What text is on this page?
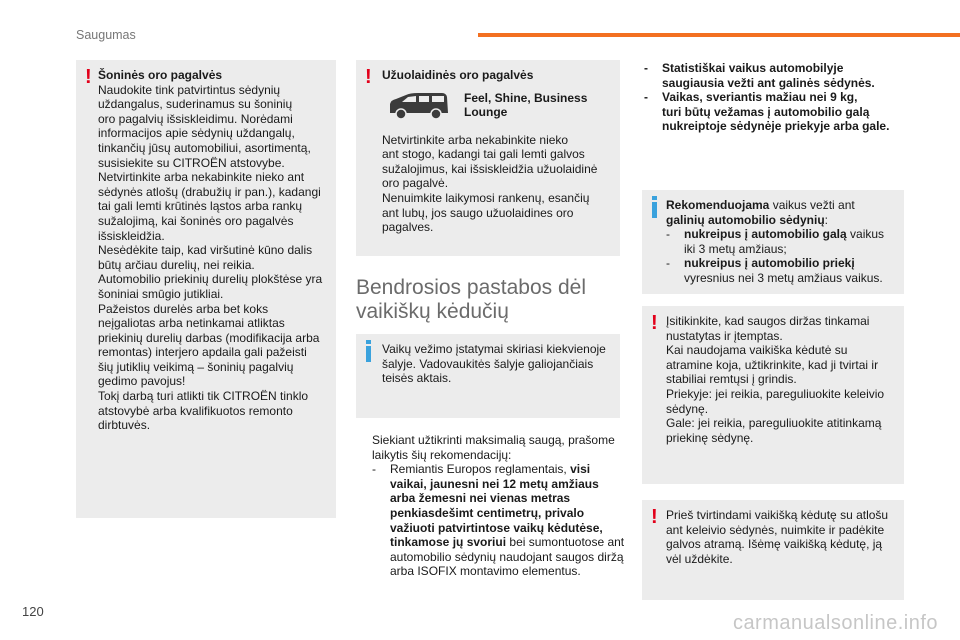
Saugumas
! Šoninės oro pagalvės

Naudokite tink patvirtintus sėdynių

uždangalus, suderinamus su šoninių

oro pagalvių išsiskleidimu. Norėdami

informacijos apie sėdynių uždangalų,

tinkančių jūsų automobiliui, asortimentą,

susisiekite su CITROËN atstovybe.

Netvirtinkite arba nekabinkite nieko ant

sėdynės atlošų (drabužių ir pan.), kadangi

tai gali lemti krūtinės ląstos arba rankų

sužalojimą, kai šoninės oro pagalvės

išsiskleidžia.

Nesėdėkite taip, kad viršutinė kūno dalis

būtų arčiau durelių, nei reikia.

Automobilio priekinių durelių plokštėse yra

šoniniai smūgio jutikliai.

Pažeistos durelės arba bet koks

neįgaliotas arba netinkamai atliktas

priekinių durelių darbas (modifikacija arba

remontas) interjero apdaila gali pažeisti

šių jutiklių veikimą – šoninių pagalvių

gedimo pavojus!

Tokį darbą turi atlikti tik CITROËN tinklo

atstovybė arba kvalifikuotos remonto

dirbtuvės.

! Užuolaidinės oro pagalvės

Feel, Shine, Business

Lounge

Netvirtinkite arba nekabinkite nieko

ant stogo, kadangi tai gali lemti galvos

sužalojimus, kai išsiskleidžia užuolaidinė

oro pagalvė.

Nenuimkite laikymosi rankenų, esančių

ant lubų, jos saugo užuolaidines oro

pagalves.

Bendrosios pastabos dėl
vaikiškų kėdučių

Vaikų vežimo įstatymai skiriasi kiekvienoje

šalyje. Vadovaukitės šalyje galiojančiais

teisės aktais.

Siekiant užtikrinti maksimalią saugą, prašome

laikytis šių rekomendacijų:

- Remiantis Europos reglamentais, visi

vaikai, jaunesni nei 12 metų amžiaus

arba žemesni nei vienas metras

penkiasdešimt centimetrų, privalo

važiuoti patvirtintose vaikų kėdutėse,

tinkamose jų svoriui bei sumontuotose ant

automobilio sėdynių naudojant saugos diržą

arba ISOFIX montavimo elementus.

- Statistiškai vaikus automobilyje

saugiausia vežti ant galinės sėdynės.

- Vaikas, sveriantis mažiau nei 9 kg,

turi būtų vežamas į automobilio galą

nukreiptoje sėdynėje priekyje arba gale.

Rekomenduojama vaikus vežti ant

galinių automobilio sėdynių:

- nukreipus į automobilio galą vaikus

iki 3 metų amžiaus;

- nukreipus į automobilio priekį

vyresnius nei 3 metų amžiaus vaikus.

! Įsitikinkite, kad saugos diržas tinkamai

nustatytas ir įtemptas.

Kai naudojama vaikiška kėdutė su

atramine koja, užtikrinkite, kad ji tvirtai ir

stabiliai remtųsi į grindis.

Priekyje: jei reikia, pareguliuokite keleivio

sėdynę.

Gale: jei reikia, pareguliuokite atitinkamą

priekinę sėdynę.

! Prieš tvirtindami vaikišką kėdutę su atlošu

ant keleivio sėdynės, nuimkite ir padėkite

galvos atramą. Išėmę vaikišką kėdutę, ją

vėl uždėkite.

120
carmanualsonline.info
